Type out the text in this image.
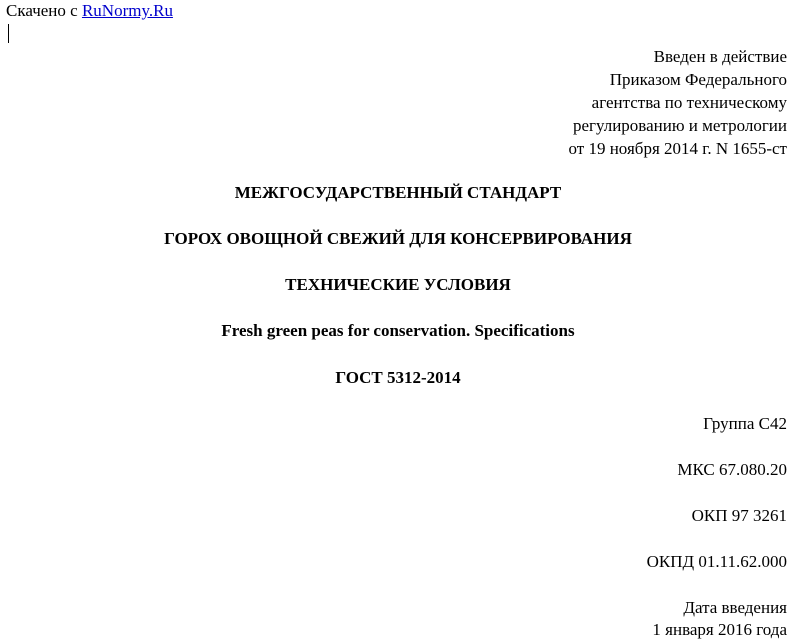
Скачено с RuNormy.Ru
Введен в действие
Приказом Федерального
агентства по техническому
регулированию и метрологии
от 19 ноября 2014 г. N 1655-ст
МЕЖГОСУДАРСТВЕННЫЙ СТАНДАРТ
ГОРОХ ОВОЩНОЙ СВЕЖИЙ ДЛЯ КОНСЕРВИРОВАНИЯ
ТЕХНИЧЕСКИЕ УСЛОВИЯ
Fresh green peas for conservation. Specifications
ГОСТ 5312-2014
Группа С42
МКС 67.080.20
ОКП 97 3261
ОКПД 01.11.62.000
Дата введения
1 января 2016 года
